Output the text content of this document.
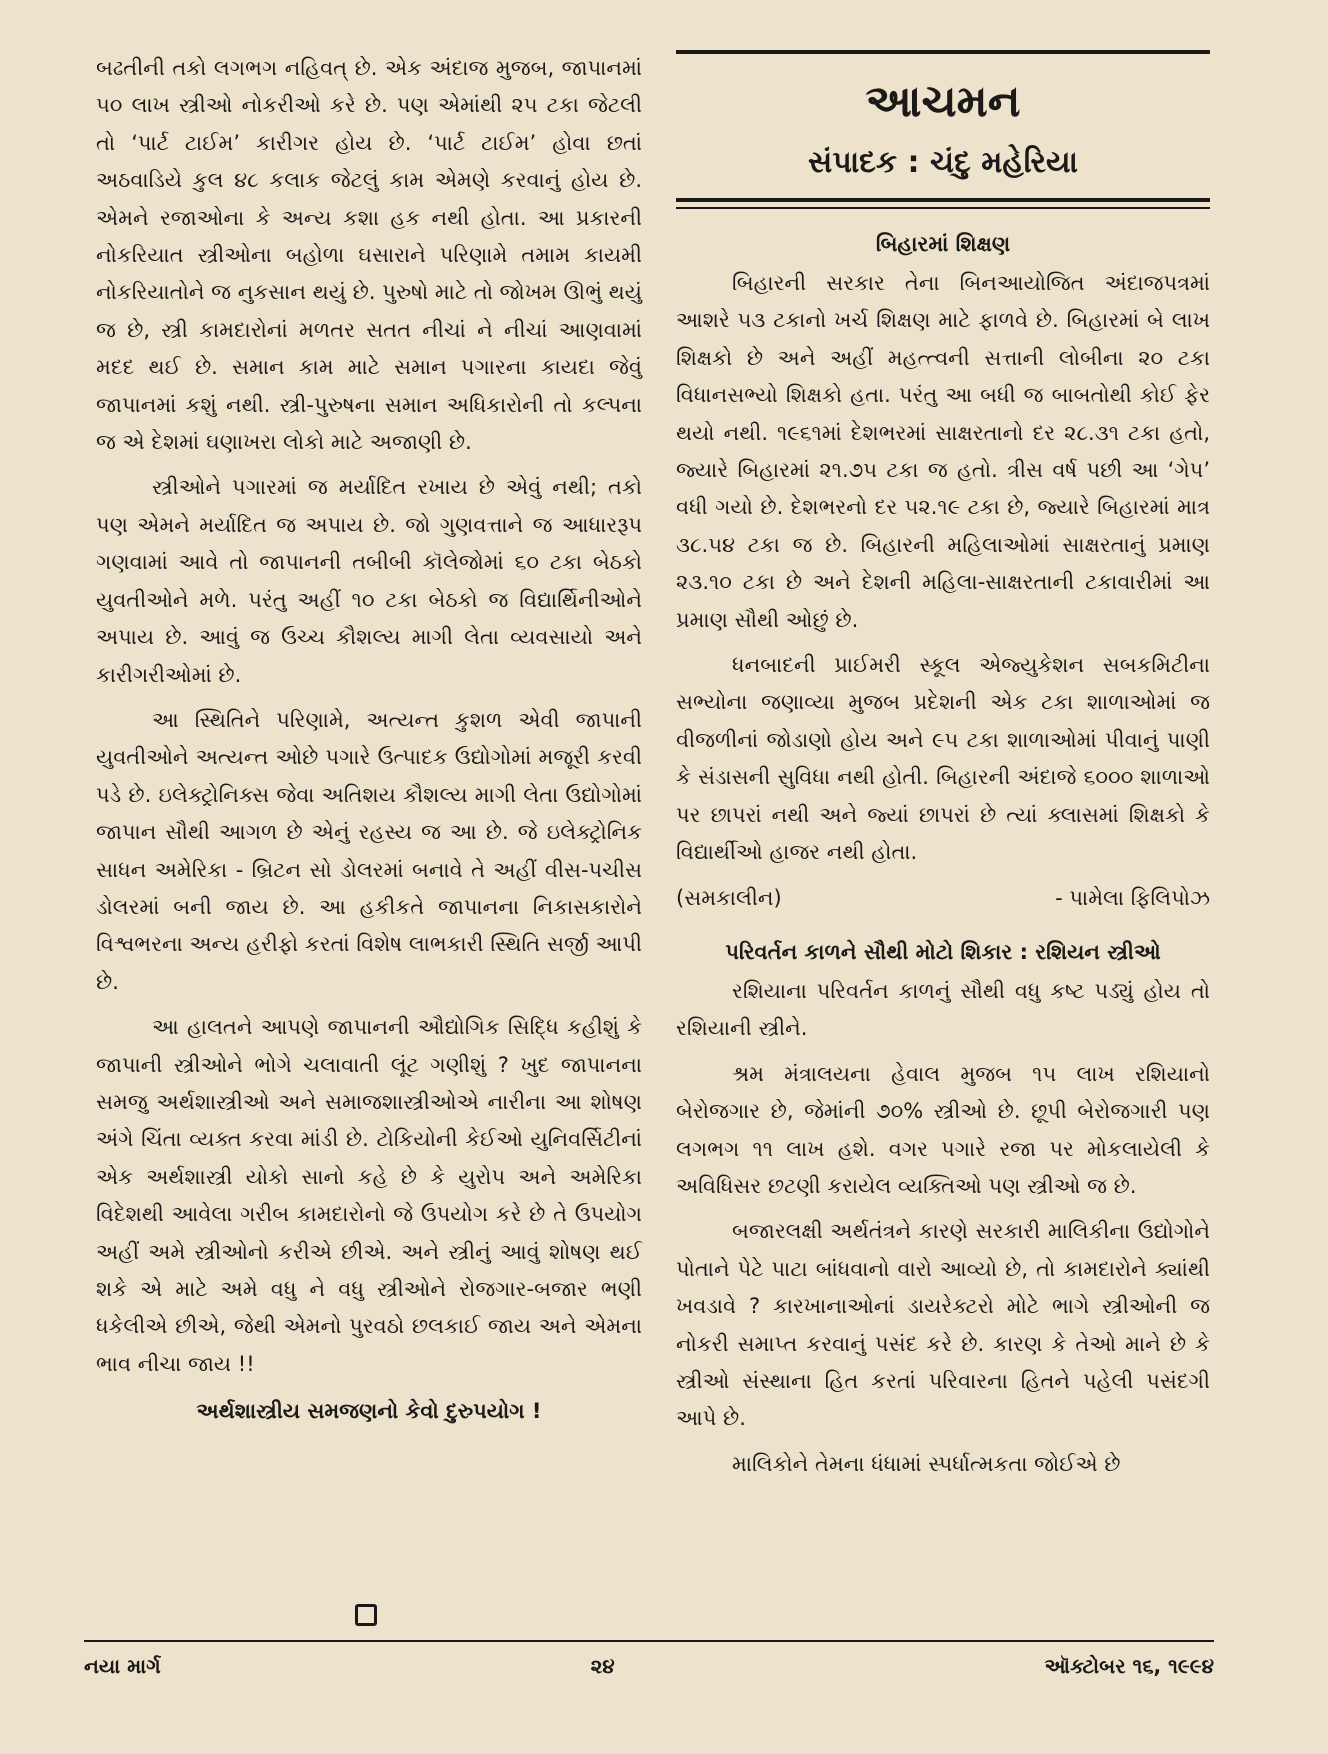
બઢતીની તકો લગભગ નહિવત્ છે. એક અંદાજ મુજબ, જાપાનમાં ૫૦ લાખ સ્ત્રીઓ નોકરીઓ કરે છે. પણ એમાંથી ૨૫ ટકા જેટલી તો ‘પાર્ટ ટાઈમ’ કારીગર હોય છે. ‘પાર્ટ ટાઈમ’ હોવા છતાં અઠવાડિયે કુલ ૪૮ કલાક જેટલું કામ એમણે કરવાનું હોય છે. એમને રજાઓના કે અન્ય કશા હક નથી હોતા. આ પ્રકારની નોકરિયાત સ્ત્રીઓના બહોળા ઘસારાને પરિણામે તમામ કાયમી નોકરિયાતોને જ નુકસાન થયું છે. પુરુષો માટે તો જોખમ ઊભું થયું જ છે, સ્ત્રી કામદારોનાં મળતર સતત નીચાં ને નીચાં આણવામાં મદદ થઈ છે. સમાન કામ માટે સમાન પગારના કાયદા જેવું જાપાનમાં કશું નથી. સ્ત્રી-પુરુષના સમાન અધિકારોની તો કલ્પના જ એ દેશમાં ઘણાખરા લોકો માટે અજાણી છે.

સ્ત્રીઓને પગારમાં જ મર્યાદિત રખાય છે એવું નથી; તકો પણ એમને મર્યાદિત જ અપાય છે. જો ગુણવત્તાને જ આધારરૂપ ગણવામાં આવે તો જાપાનની તબીબી કૉલેજોમાં ૬૦ ટકા બેઠકો યુવતીઓને મળે. પરંતુ અહીં ૧૦ ટકા બેઠકો જ વિદ્યાર્થિનીઓને અપાય છે. આવું જ ઉચ્ચ કૌશલ્ય માગી લેતા વ્યવસાયો અને કારીગરીઓમાં છે.

આ સ્થિતિને પરિણામે, અત્યન્ત કુશળ એવી જાપાની યુવતીઓને અત્યન્ત ઓછે પગારે ઉત્પાદક ઉદ્યોગોમાં મજૂરી કરવી પડે છે. ઇલેક્ટ્રોનિક્સ જેવા અતિશય કૌશલ્ય માગી લેતા ઉદ્યોગોમાં જાપાન સૌથી આગળ છે એનું રહસ્ય જ આ છે. જે ઇલેક્ટ્રોનિક સાધન અમેરિકા - બ્રિટન સો ડોલરમાં બનાવે તે અહીં વીસ-પચીસ ડોલરમાં બની જાય છે. આ હકીકતે જાપાનના નિકાસકારોને વિશ્વભરના અન્ય હરીફો કરતાં વિશેષ લાભકારી સ્થિતિ સર્જી આપી છે.

આ હાલતને આપણે જાપાનની ઔદ્યોગિક સિદ્ધિ કહીશું કે જાપાની સ્ત્રીઓને ભોગે ચલાવાતી લૂંટ ગણીશું ? ખુદ જાપાનના સમજુ અર્થશાસ્ત્રીઓ અને સમાજશાસ્ત્રીઓએ નારીના આ શોષણ અંગે ચિંતા વ્યક્ત કરવા માંડી છે. ટોકિયોની કેઈઓ યુનિવર્સિટીનાં એક અર્થશાસ્ત્રી યોકો સાનો કહે છે કે યુરોપ અને અમેરિકા વિદેશથી આવેલા ગરીબ કામદારોનો જે ઉપયોગ કરે છે તે ઉપયોગ અહીં અમે સ્ત્રીઓનો કરીએ છીએ. અને સ્ત્રીનું આવું શોષણ થઈ શકે એ માટે અમે વધુ ને વધુ સ્ત્રીઓને રોજગાર-બજાર ભણી ધકેલીએ છીએ, જેથી એમનો પુરવઠો છલકાઈ જાય અને એમના ભાવ નીચા જાય !!

અર્થશાસ્ત્રીય સમજણનો કેવો દુરુપયોગ !

આચમન
સંપાદક : ચંદુ મહેરિયા
બિહારમાં શિક્ષણ

બિહારની સરકાર તેના બિનઆયોજિત અંદાજપત્રમાં આશરે ૫૩ ટકાનો ખર્ચ શિક્ષણ માટે ફાળવે છે. બિહારમાં બે લાખ શિક્ષકો છે અને અહીં મહત્ત્વની સત્તાની લોબીના ૨૦ ટકા વિધાનસભ્યો શિક્ષકો હતા. પરંતુ આ બધી જ બાબતોથી કોઈ ફેર થયો નથી. ૧૯૬૧માં દેશભરમાં સાક્ષરતાનો દર ૨૮.૩૧ ટકા હતો, જ્યારે બિહારમાં ૨૧.૭૫ ટકા જ હતો. ત્રીસ વર્ષ પછી આ ‘ગેપ’ વધી ગયો છે. દેશભરનો દર ૫૨.૧૯ ટકા છે, જ્યારે બિહારમાં માત્ર ૩૮.૫૪ ટકા જ છે. બિહારની મહિલાઓમાં સાક્ષરતાનું પ્રમાણ ૨૩.૧૦ ટકા છે અને દેશની મહિલા-સાક્ષરતાની ટકાવારીમાં આ પ્રમાણ સૌથી ઓછું છે.

ધનબાદની પ્રાઈમરી સ્કૂલ એજ્યુકેશન સબકમિટીના સભ્યોના જણાવ્યા મુજબ પ્રદેશની એક ટકા શાળાઓમાં જ વીજળીનાં જોડાણો હોય અને ૯૫ ટકા શાળાઓમાં પીવાનું પાણી કે સંડાસની સુવિધા નથી હોતી. બિહારની અંદાજે ૬૦૦૦ શાળાઓ પર છાપરાં નથી અને જ્યાં છાપરાં છે ત્યાં ક્લાસમાં શિક્ષકો કે વિદ્યાર્થીઓ હાજર નથી હોતા.

(સમકાલીન)	- પામેલા ફિલિપોઝ
પરિવર્તન કાળને સૌથી મોટો શિકાર : રશિયન સ્ત્રીઓ

રશિયાના પરિવર્તન કાળનું સૌથી વધુ કષ્ટ પડ્યું હોય તો રશિયાની સ્ત્રીને.

શ્રમ મંત્રાલયના હેવાલ મુજબ ૧૫ લાખ રશિયાનો બેરોજગાર છે, જેમાંની ૭૦% સ્ત્રીઓ છે. છૂપી બેરોજગારી પણ લગભગ ૧૧ લાખ હશે. વગર પગારે રજા પર મોકલાયેલી કે અવિધિસર છટણી કરાયેલ વ્યક્તિઓ પણ સ્ત્રીઓ જ છે.

બજારલક્ષી અર્થતંત્રને કારણે સરકારી માલિકીના ઉદ્યોગોને પોતાને પેટે પાટા બાંધવાનો વારો આવ્યો છે, તો કામદારોને ક્યાંથી ખવડાવે ? કારખાનાઓનાં ડાયરેક્ટરો મોટે ભાગે સ્ત્રીઓની જ નોકરી સમાપ્ત કરવાનું પસંદ કરે છે. કારણ કે તેઓ માને છે કે સ્ત્રીઓ સંસ્થાના હિત કરતાં પરિવારના હિતને પહેલી પસંદગી આપે છે.

માલિકોને તેમના ધંધામાં સ્પર્ધાત્મકતા જોઈએ છે

નયા માર્ગ	૨૪	ઑક્ટોબર ૧૬, ૧૯૯૪
